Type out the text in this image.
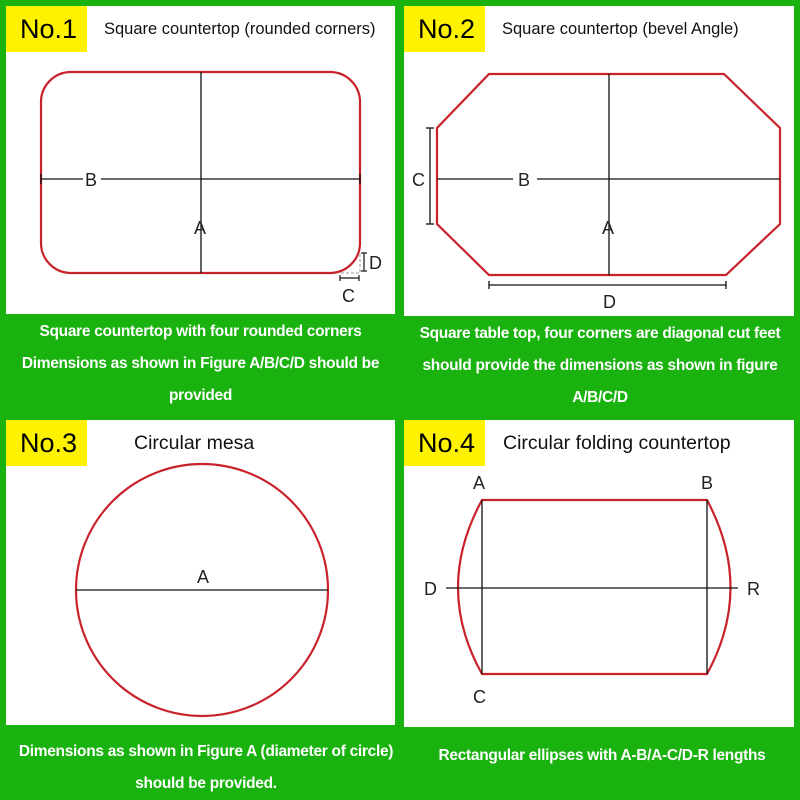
No.1	Square countertop (rounded corners)
B
A
D
C
No.2	Square countertop (bevel Angle)
B
A
C
D
No.3	Circular mesa
A
No.4	Circular folding countertop
A	B
C
D	R
Square countertop with four rounded corners Dimensions as shown in Figure A/B/C/D should be provided
Square table top, four corners are diagonal cut feet should provide the dimensions as shown in figure A/B/C/D
Dimensions as shown in Figure A (diameter of circle) should be provided.
Rectangular ellipses with A-B/A-C/D-R lengths
